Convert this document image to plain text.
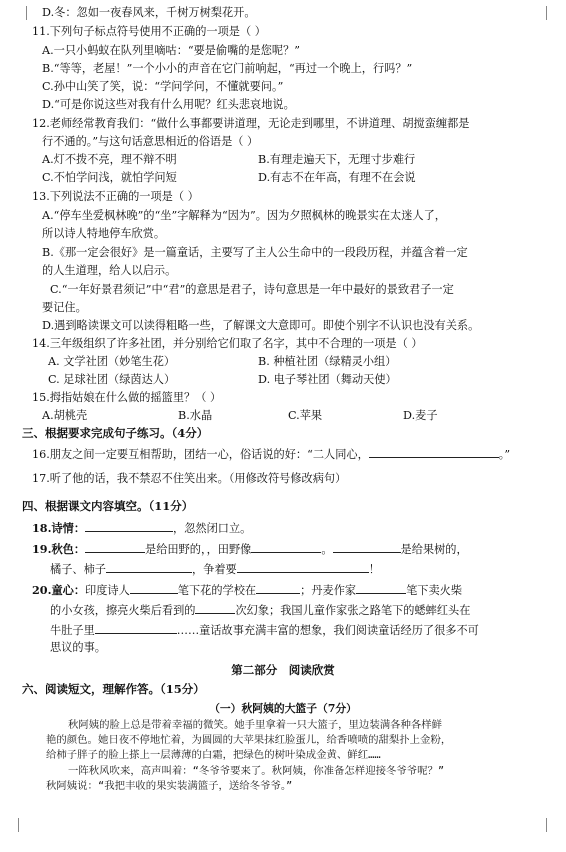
D.冬：忽如一夜春风来，千树万树梨花开。
11.下列句子标点符号使用不正确的一项是（ ）
A.一只小蚂蚁在队列里嘀咕：“要是偷嘴的是您呢？”
B.“等等，老屋！”一个小小的声音在它门前响起，“再过一个晚上，行吗？”
C.孙中山笑了笑，说：“学问学问，不懂就要问。”
D.“可是你说这些对我有什么用呢？红头悲哀地说。
12.老师经常教育我们：“做什么事都要讲道理，无论走到哪里，不讲道理、胡搅蛮缠都是
行不通的。”与这句话意思相近的俗语是（ ）
A.灯不拨不亮，理不辩不明	B.有理走遍天下，无理寸步难行
C.不怕学问浅，就怕学问短	D.有志不在年高，有理不在会说
13.下列说法不正确的一项是（ ）
A.“停车坐爱枫林晚”的“坐”字解释为“因为”。因为夕照枫林的晚景实在太迷人了，
所以诗人特地停车欣赏。
B.《那一定会很好》是一篇童话，主要写了主人公生命中的一段段历程，并蕴含着一定
的人生道理，给人以启示。
C.“一年好景君须记”中“君”的意思是君子，诗句意思是一年中最好的景致君子一定
要记住。
D.遇到略读课文可以读得粗略一些，了解课文大意即可。即使个别字不认识也没有关系。
14.三年级组织了许多社团，并分别给它们取了名字，其中不合理的一项是（ ）
A. 文学社团（妙笔生花）	B. 种植社团（绿精灵小组）
C. 足球社团（绿茵达人）	D. 电子琴社团（舞动天使）
15.拇指姑娘在什么做的摇篮里？（ ）
A.胡桃壳	B.水晶	C.苹果	D.麦子
三、根据要求完成句子练习。（4分）
16.朋友之间一定要互相帮助，团结一心，俗话说的好：“二人同心，	。”
17.听了他的话，我不禁忍不住笑出来。（用修改符号修改病句）
四、根据课文内容填空。（11分）
18.诗情：	，忽然闭口立。
19.秋色：	是给田野的，，田野像	。	是给果树的，
橘子、柿子	，争着要	！
20.童心：印度诗人	笔下花的学校在	；丹麦作家	笔下卖火柴
的小女孩，擦亮火柴后看到的	次幻象；我国儿童作家张之路笔下的蟋蟀红头在
牛肚子里	……童话故事充满丰富的想象，我们阅读童话经历了很多不可
思议的事。
第二部分　阅读欣赏
六、阅读短文，理解作答。（15分）
（一）秋阿姨的大篮子（7分）
秋阿姨的脸上总是带着幸福的微笑。她手里拿着一只大篮子，里边装满各种各样鲜
艳的颜色。她日夜不停地忙着，为圆圆的大苹果抹红脸蛋儿，给香喷喷的甜梨扑上金粉，
给柿子胖子的脸上搽上一层薄薄的白霜，把绿色的树叶染成金黄、鲜红……
一阵秋风吹来，高声叫着：“冬爷爷要来了。秋阿姨，你准备怎样迎接冬爷爷呢？”
秋阿姨说：“我把丰收的果实装满篮子，送给冬爷爷。”
